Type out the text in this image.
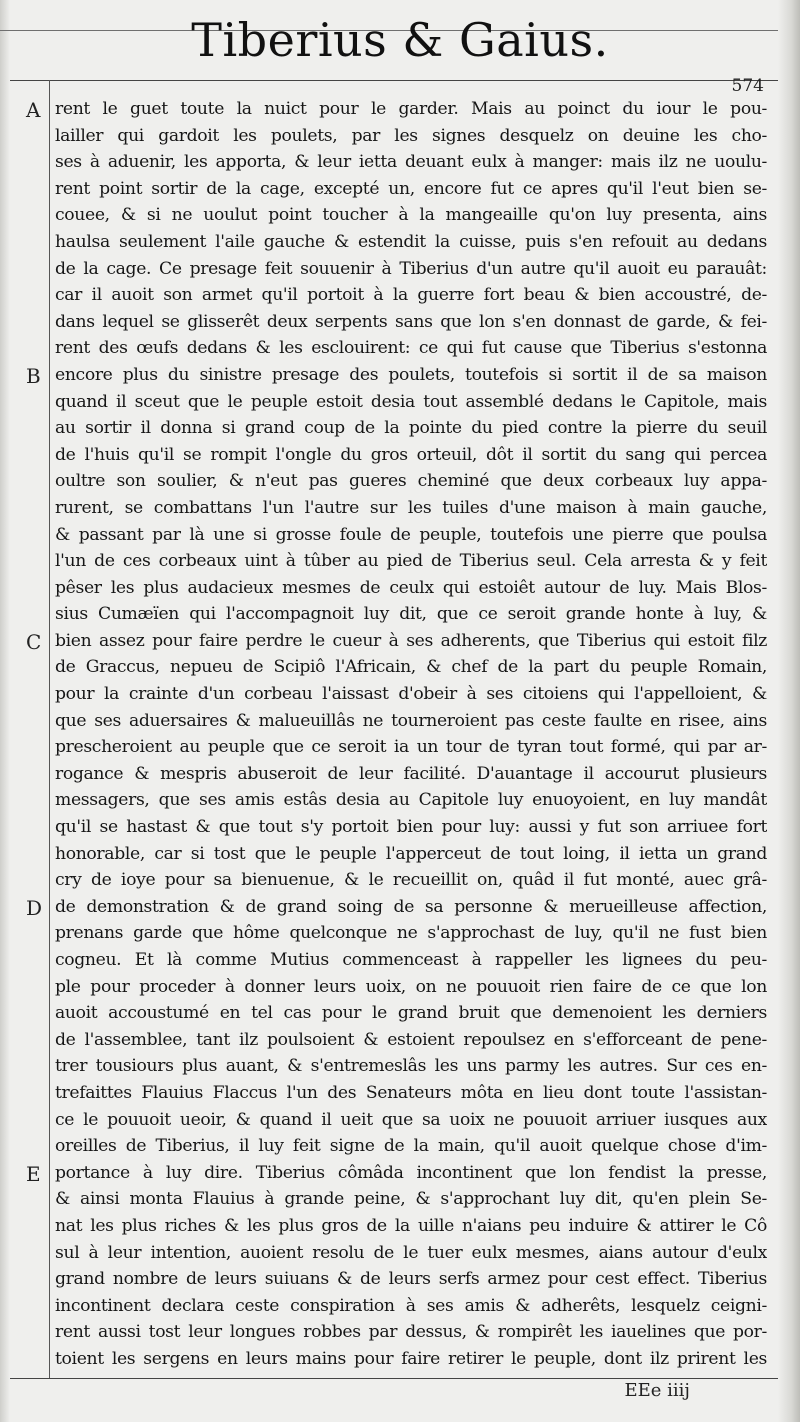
Tiberius & Gaius.
574
A
B
C
D
E
rent le guet toute la nuict pour le garder. Mais au poinct du iour le pou-
lailler qui gardoit les poulets, par les signes desquelz on deuine les cho-
ses à aduenir, les apporta, & leur ietta deuant eulx à manger: mais ilz ne uoulu-
rent point sortir de la cage, excepté un, encore fut ce apres qu'il l'eut bien se-
couee, & si ne uoulut point toucher à la mangeaille qu'on luy presenta, ains
haulsa seulement l'aile gauche & estendit la cuisse, puis s'en refouit au dedans
de la cage. Ce presage feit souuenir à Tiberius d'un autre qu'il auoit eu parauât:
car il auoit son armet qu'il portoit à la guerre fort beau & bien accoustré, de-
dans lequel se glisserêt deux serpents sans que lon s'en donnast de garde, & fei-
rent des œufs dedans & les esclouirent: ce qui fut cause que Tiberius s'estonna
encore plus du sinistre presage des poulets, toutefois si sortit il de sa maison
quand il sceut que le peuple estoit desia tout assemblé dedans le Capitole, mais
au sortir il donna si grand coup de la pointe du pied contre la pierre du seuil
de l'huis qu'il se rompit l'ongle du gros orteuil, dôt il sortit du sang qui percea
oultre son soulier, & n'eut pas gueres cheminé que deux corbeaux luy appa-
rurent, se combattans l'un l'autre sur les tuiles d'une maison à main gauche,
& passant par là une si grosse foule de peuple, toutefois une pierre que poulsa
l'un de ces corbeaux uint à tûber au pied de Tiberius seul. Cela arresta & y feit
pêser les plus audacieux mesmes de ceulx qui estoiêt autour de luy. Mais Blos-
sius Cumæïen qui l'accompagnoit luy dit, que ce seroit grande honte à luy, &
bien assez pour faire perdre le cueur à ses adherents, que Tiberius qui estoit filz
de Graccus, nepueu de Scipiô l'Africain, & chef de la part du peuple Romain,
pour la crainte d'un corbeau l'aissast d'obeir à ses citoiens qui l'appelloient, &
que ses aduersaires & malueuillâs ne tourneroient pas ceste faulte en risee, ains
prescheroient au peuple que ce seroit ia un tour de tyran tout formé, qui par ar-
rogance & mespris abuseroit de leur facilité. D'auantage il accourut plusieurs
messagers, que ses amis estâs desia au Capitole luy enuoyoient, en luy mandât
qu'il se hastast & que tout s'y portoit bien pour luy: aussi y fut son arriuee fort
honorable, car si tost que le peuple l'apperceut de tout loing, il ietta un grand
cry de ioye pour sa bienuenue, & le recueillit on, quâd il fut monté, auec grâ-
de demonstration & de grand soing de sa personne & merueilleuse affection,
prenans garde que hôme quelconque ne s'approchast de luy, qu'il ne fust bien
cogneu. Et là comme Mutius commenceast à rappeller les lignees du peu-
ple pour proceder à donner leurs uoix, on ne pouuoit rien faire de ce que lon
auoit accoustumé en tel cas pour le grand bruit que demenoient les derniers
de l'assemblee, tant ilz poulsoient & estoient repoulsez en s'efforceant de pene-
trer tousiours plus auant, & s'entremeslâs les uns parmy les autres. Sur ces en-
trefaittes Flauius Flaccus l'un des Senateurs môta en lieu dont toute l'assistan-
ce le pouuoit ueoir, & quand il ueit que sa uoix ne pouuoit arriuer iusques aux
oreilles de Tiberius, il luy feit signe de la main, qu'il auoit quelque chose d'im-
portance à luy dire. Tiberius cômâda incontinent que lon fendist la presse,
& ainsi monta Flauius à grande peine, & s'approchant luy dit, qu'en plein Se-
nat les plus riches & les plus gros de la uille n'aians peu induire & attirer le Cô
sul à leur intention, auoient resolu de le tuer eulx mesmes, aians autour d'eulx
grand nombre de leurs suiuans & de leurs serfs armez pour cest effect. Tiberius
incontinent declara ceste conspiration à ses amis & adherêts, lesquelz ceigni-
rent aussi tost leur longues robbes par dessus, & rompirêt les iauelines que por-
toient les sergens en leurs mains pour faire retirer le peuple, dont ilz prirent les
EEe iiij
